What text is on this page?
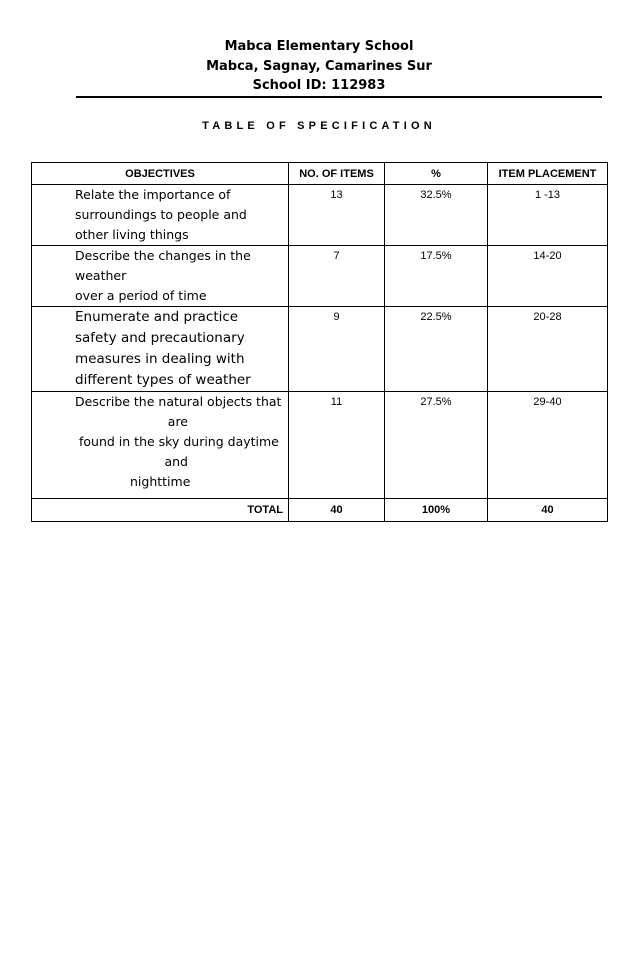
Mabca Elementary School
Mabca, Sagnay, Camarines Sur
School ID: 112983
TABLE OF SPECIFICATION
OBJECTIVES	NO. OF ITEMS	%	ITEM PLACEMENT

Relate the importance of
surroundings to people and
other living things	13	32.5%	1 -13

Describe the changes in the
weather
over a period of time	7	17.5%	14-20

Enumerate and practice
safety and precautionary
measures in dealing with
different types of weather	9	22.5%	20-28

Describe the natural objects that
are
found in the sky during daytime
and
nighttime	11	27.5%	29-40
TOTAL	40	100%	40
